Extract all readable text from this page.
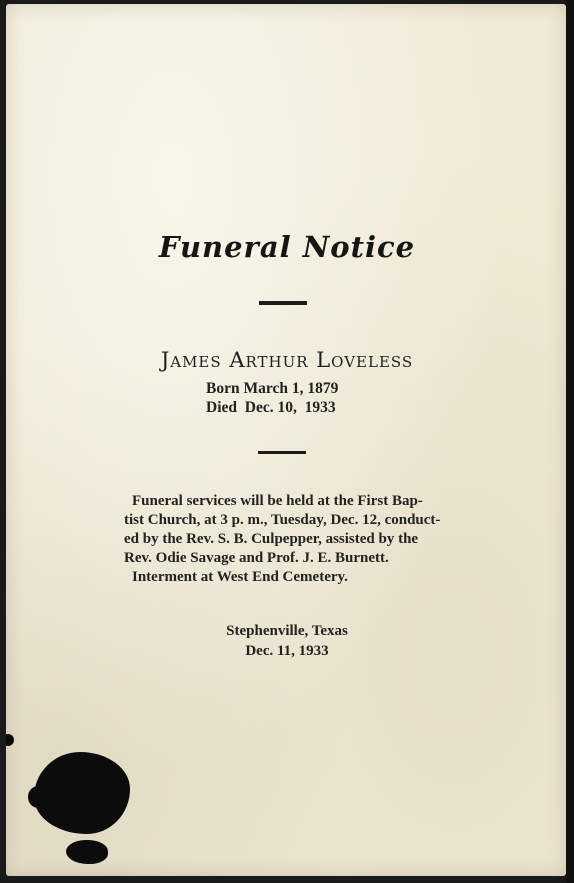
Funeral Notice
James Arthur Loveless
Born March 1, 1879
Died  Dec. 10,  1933
Funeral services will be held at the First Bap-
tist Church, at 3 p. m., Tuesday, Dec. 12, conduct-
ed by the Rev. S. B. Culpepper, assisted by the
Rev. Odie Savage and Prof. J. E. Burnett.
Interment at West End Cemetery.
Stephenville, Texas
Dec. 11, 1933
